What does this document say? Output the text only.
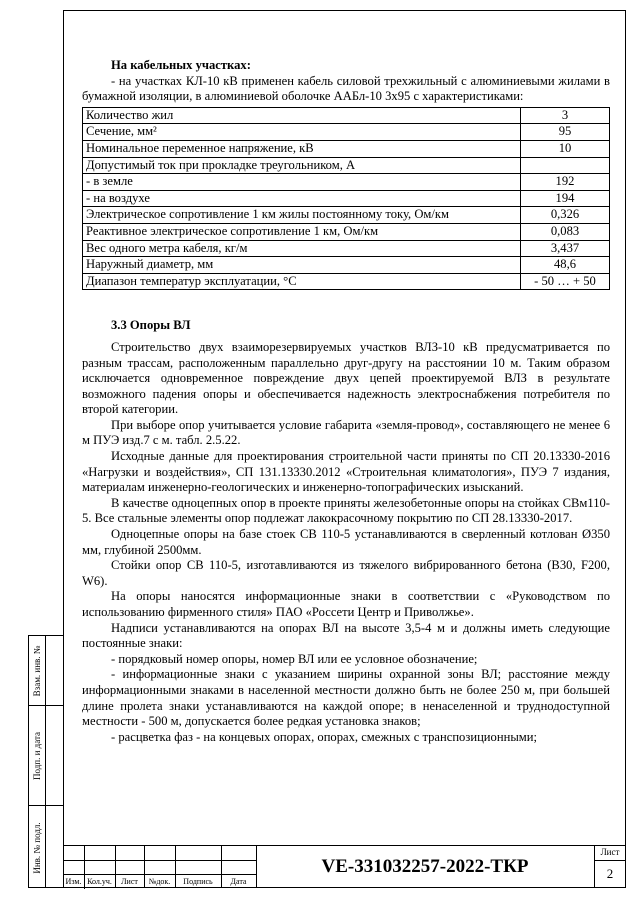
На кабельных участках:

- на участках КЛ-10 кВ применен кабель силовой трехжильный с алюминиевыми жилами в бумажной изоляции, в алюминиевой оболочке ААБл-10 3х95 с характеристиками:

Количество жил	3
Сечение, мм²	95
Номинальное переменное напряжение, кВ	10
Допустимый ток при прокладке треугольником, А	
- в земле	192
- на воздухе	194
Электрическое сопротивление 1 км жилы постоянному току, Ом/км	0,326
Реактивное электрическое сопротивление 1 км, Ом/км	0,083
Вес одного метра кабеля, кг/м	3,437
Наружный диаметр, мм	48,6
Диапазон температур эксплуатации, °С	- 50 … + 50

3.3 Опоры ВЛ

Строительство двух взаиморезервируемых участков ВЛЗ-10 кВ предусматривается по разным трассам, расположенным параллельно друг-другу на расстоянии 10 м. Таким образом исключается одновременное повреждение двух цепей проектируемой ВЛЗ в результате возможного падения опоры и обеспечивается надежность электроснабжения потребителя по второй категории.

При выборе опор учитывается условие габарита «земля-провод», составляющего не менее 6 м ПУЭ изд.7 с м. табл. 2.5.22.

Исходные данные для проектирования строительной части приняты по СП 20.13330-2016 «Нагрузки и воздействия», СП 131.13330.2012 «Строительная климатология», ПУЭ 7 издания, материалам инженерно-геологических и инженерно-топографических изысканий.

В качестве одноцепных опор в проекте приняты железобетонные опоры на стойках СВм110-5. Все стальные элементы опор подлежат лакокрасочному покрытию по СП 28.13330-2017.

Одноцепные опоры на базе стоек СВ 110-5 устанавливаются в сверленный котлован Ø350 мм, глубиной 2500мм.

Стойки опор СВ 110-5, изготавливаются из тяжелого вибрированного бетона (В30, F200, W6).

На опоры наносятся информационные знаки в соответствии с «Руководством по использованию фирменного стиля» ПАО «Россети Центр и Приволжье».

Надписи устанавливаются на опорах ВЛ на высоте 3,5-4 м и должны иметь следующие постоянные знаки:

- порядковый номер опоры, номер ВЛ или ее условное обозначение;

- информационные знаки с указанием ширины охранной зоны ВЛ; расстояние между информационными знаками в населенной местности должно быть не более 250 м, при большей длине пролета знаки устанавливаются на каждой опоре; в ненаселенной и труднодоступной местности - 500 м, допускается более редкая установка знаков;

- расцветка фаз - на концевых опорах, опорах, смежных с транспозиционными;

Взам. инв. №
Подп. и дата
Инв. № подл.
Изм. Кол.уч.	Лист	№док.	Подпись	Дата
VE-331032257-2022-ТКР
Лист
2
